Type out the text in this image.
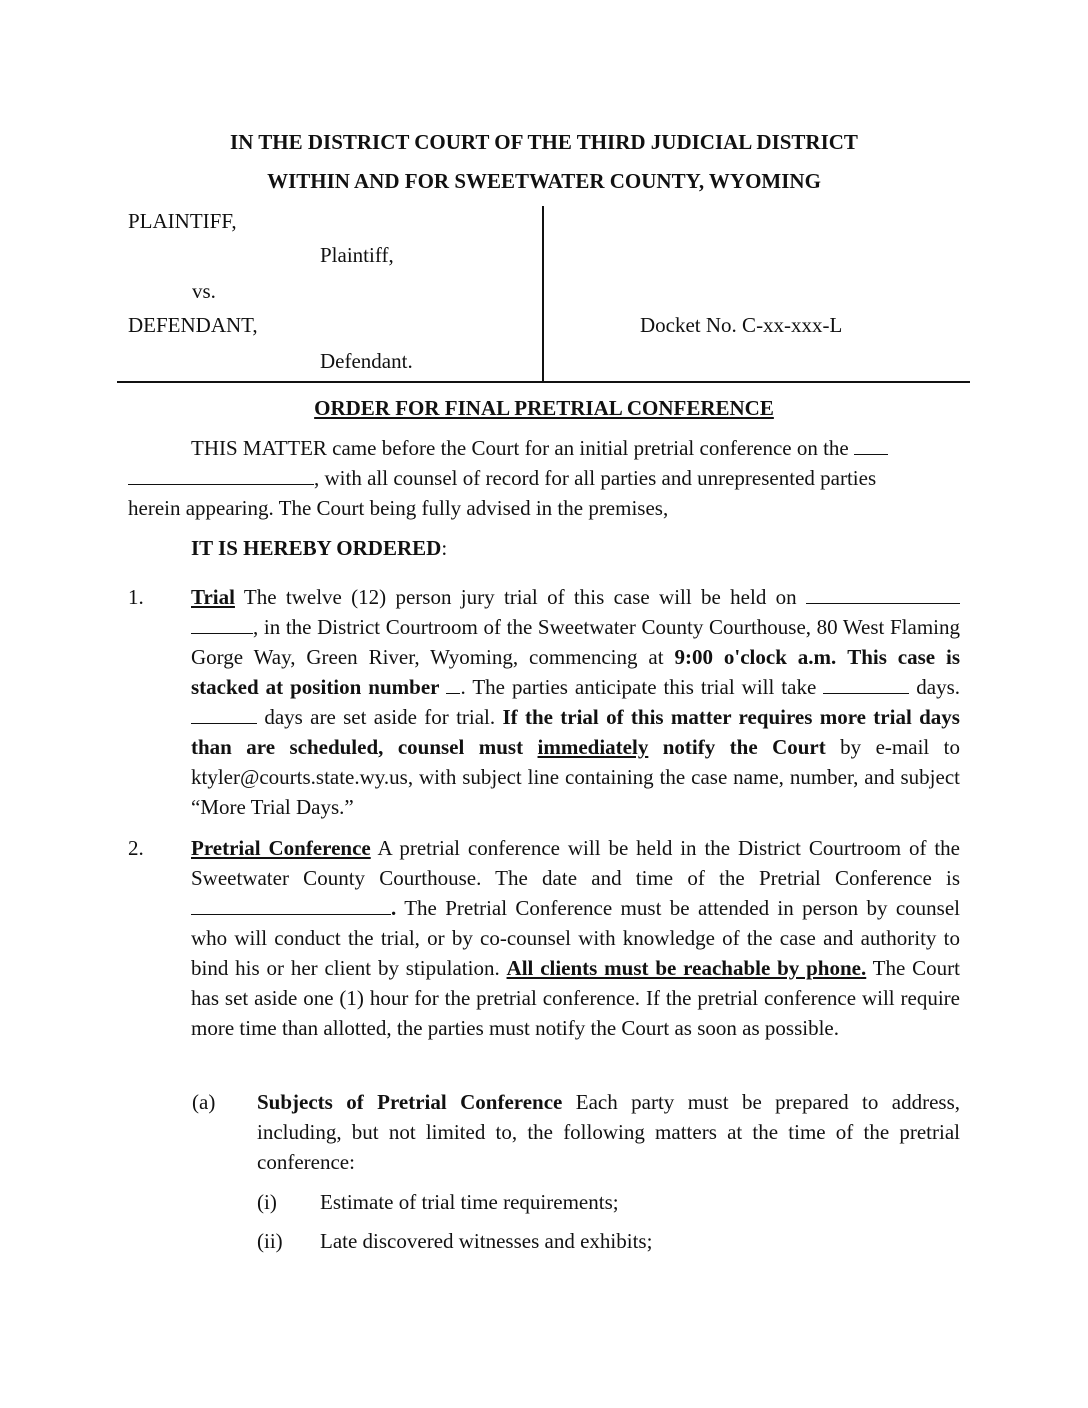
IN THE DISTRICT COURT OF THE THIRD JUDICIAL DISTRICT
WITHIN AND FOR SWEETWATER COUNTY, WYOMING
PLAINTIFF,
Plaintiff,
vs.
DEFENDANT,
Defendant.
Docket No. C-xx-xxx-L
ORDER FOR FINAL PRETRIAL CONFERENCE
THIS MATTER came before the Court for an initial pretrial conference on the
, with all counsel of record for all parties and unrepresented parties
herein appearing. The Court being fully advised in the premises,
IT IS HEREBY ORDERED:
1. Trial The twelve (12) person jury trial of this case will be held on  , in the District Courtroom of the Sweetwater County Courthouse, 80 West Flaming Gorge Way, Green River, Wyoming, commencing at 9:00 o'clock a.m. This case is stacked at position number . The parties anticipate this trial will take	days.  days are set aside for trial. If the trial of this matter requires more trial days than are scheduled, counsel must immediately notify the Court by e-mail to ktyler@courts.state.wy.us, with subject line containing the case name, number, and subject “More Trial Days.”
2. Pretrial Conference A pretrial conference will be held in the District Courtroom of the Sweetwater County Courthouse. The date and time of the Pretrial Conference is . The Pretrial Conference must be attended in person by counsel who will conduct the trial, or by co-counsel with knowledge of the case and authority to bind his or her client by stipulation. All clients must be reachable by phone. The Court has set aside one (1) hour for the pretrial conference. If the pretrial conference will require more time than allotted, the parties must notify the Court as soon as possible.
(a) Subjects of Pretrial Conference Each party must be prepared to address, including, but not limited to, the following matters at the time of the pretrial conference:
(i) Estimate of trial time requirements;
(ii) Late discovered witnesses and exhibits;
